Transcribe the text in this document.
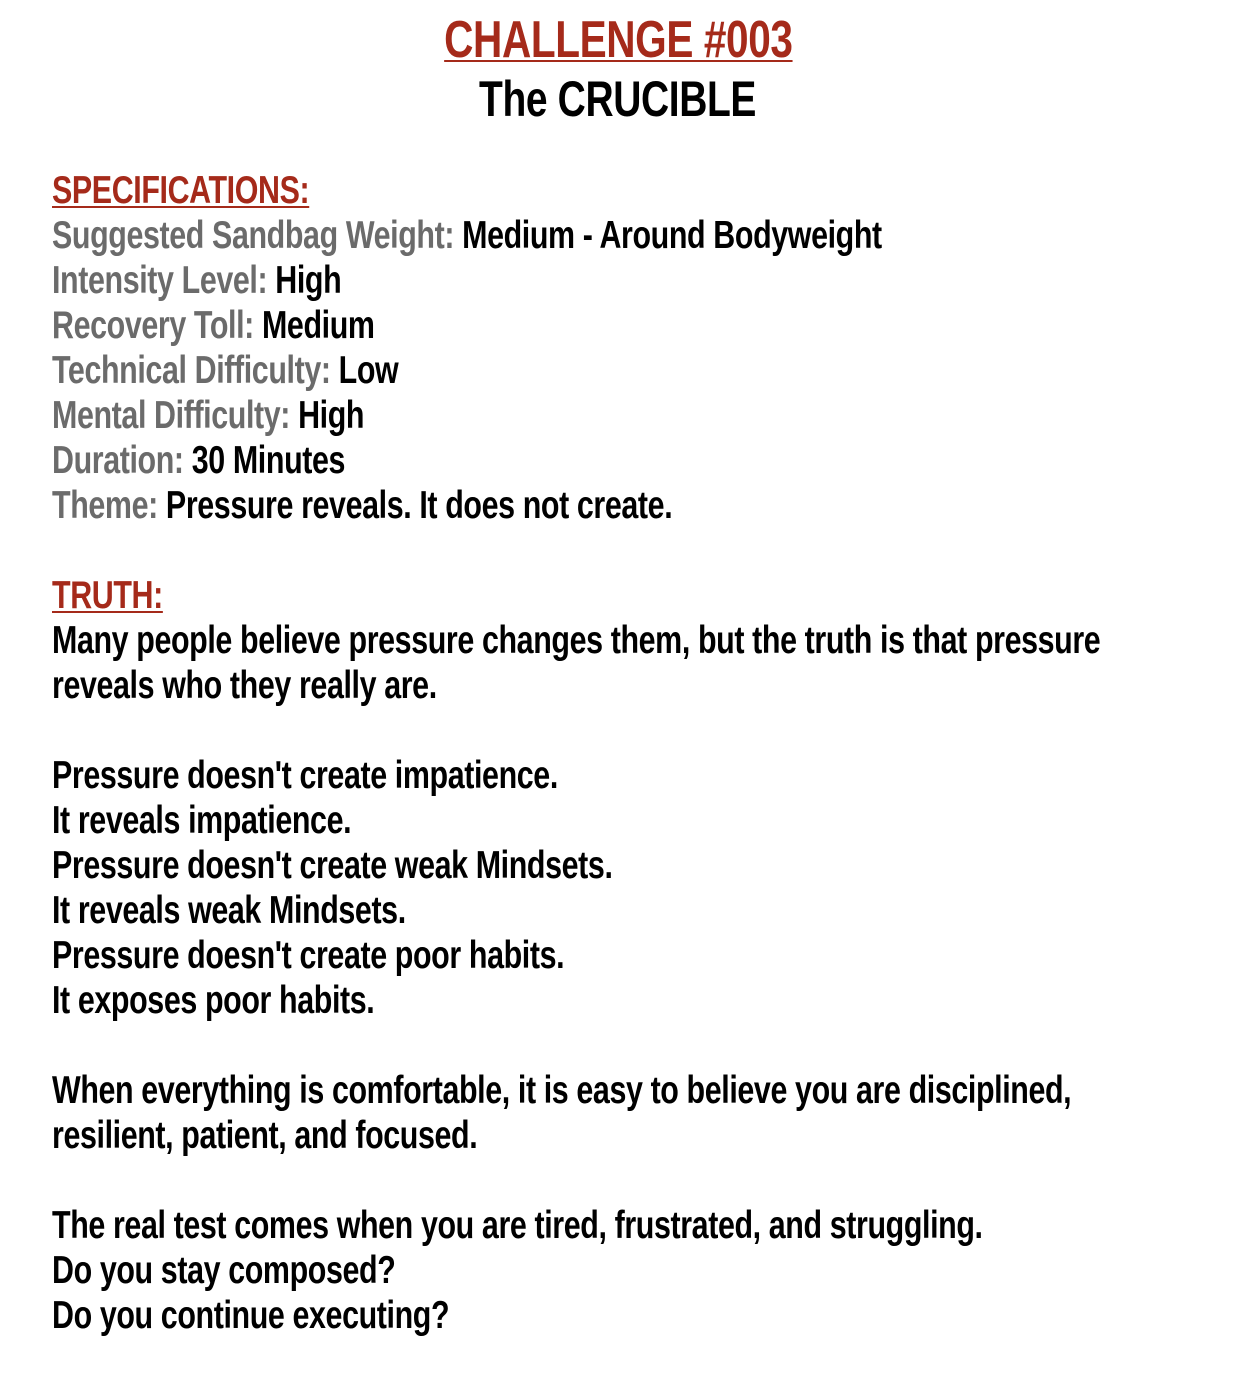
CHALLENGE #003
The CRUCIBLE
SPECIFICATIONS:
Suggested Sandbag Weight: Medium - Around Bodyweight
Intensity Level: High
Recovery Toll: Medium
Technical Difficulty: Low
Mental Difficulty: High
Duration: 30 Minutes
Theme: Pressure reveals. It does not create.
TRUTH:
Many people believe pressure changes them, but the truth is that pressure
reveals who they really are.
Pressure doesn't create impatience.
It reveals impatience.
Pressure doesn't create weak Mindsets.
It reveals weak Mindsets.
Pressure doesn't create poor habits.
It exposes poor habits.
When everything is comfortable, it is easy to believe you are disciplined,
resilient, patient, and focused.
The real test comes when you are tired, frustrated, and struggling.
Do you stay composed?
Do you continue executing?
